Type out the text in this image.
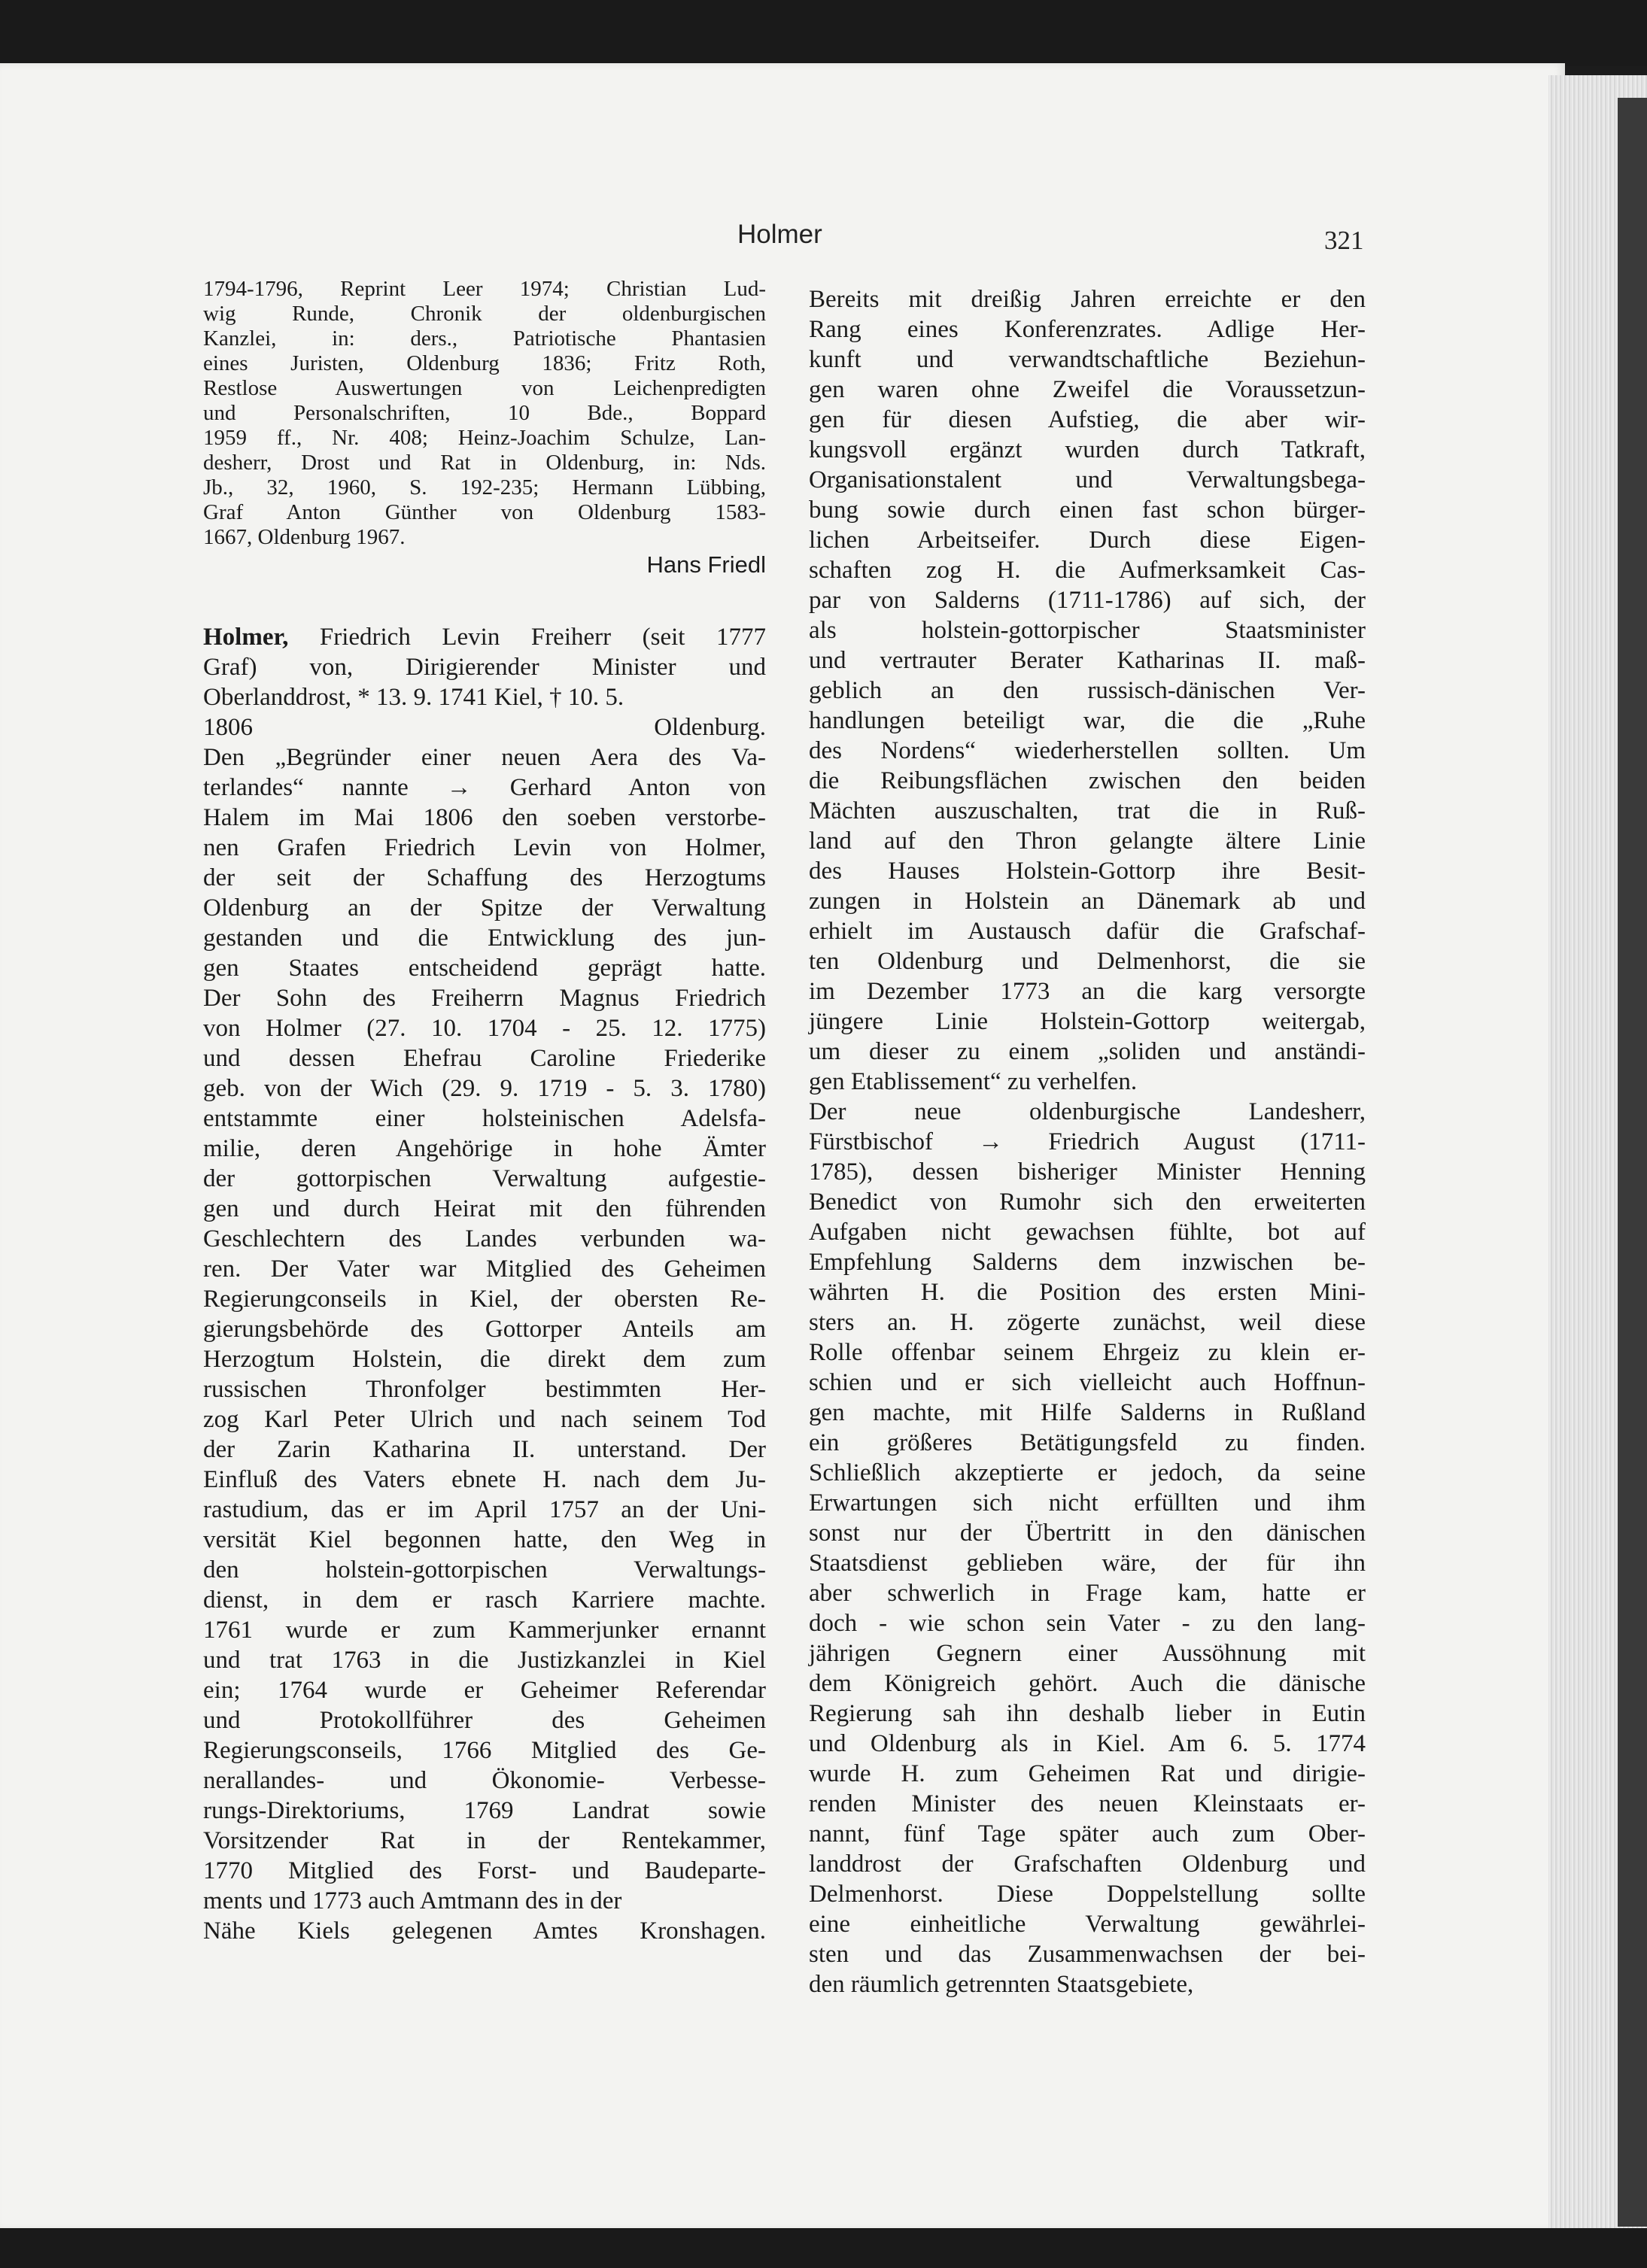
Holmer	321
1794-1796, Reprint Leer 1974; Christian Lud-
wig Runde, Chronik der oldenburgischen
Kanzlei, in: ders., Patriotische Phantasien
eines Juristen, Oldenburg 1836; Fritz Roth,
Restlose Auswertungen von Leichenpredigten
und Personalschriften, 10 Bde., Boppard
1959 ff., Nr. 408; Heinz-Joachim Schulze, Lan-
desherr, Drost und Rat in Oldenburg, in: Nds.
Jb., 32, 1960, S. 192-235; Hermann Lübbing,
Graf Anton Günther von Oldenburg 1583-
1667, Oldenburg 1967.
Hans Friedl
Holmer, Friedrich Levin Freiherr (seit 1777
Graf) von, Dirigierender Minister und
Oberlanddrost, * 13. 9. 1741 Kiel, † 10. 5.
1806 Oldenburg.
Den „Begründer einer neuen Aera des Va-
terlandes“ nannte → Gerhard Anton von
Halem im Mai 1806 den soeben verstorbe-
nen Grafen Friedrich Levin von Holmer,
der seit der Schaffung des Herzogtums
Oldenburg an der Spitze der Verwaltung
gestanden und die Entwicklung des jun-
gen Staates entscheidend geprägt hatte.
Der Sohn des Freiherrn Magnus Friedrich
von Holmer (27. 10. 1704 - 25. 12. 1775)
und dessen Ehefrau Caroline Friederike
geb. von der Wich (29. 9. 1719 - 5. 3. 1780)
entstammte einer holsteinischen Adelsfa-
milie, deren Angehörige in hohe Ämter
der gottorpischen Verwaltung aufgestie-
gen und durch Heirat mit den führenden
Geschlechtern des Landes verbunden wa-
ren. Der Vater war Mitglied des Geheimen
Regierungconseils in Kiel, der obersten Re-
gierungsbehörde des Gottorper Anteils am
Herzogtum Holstein, die direkt dem zum
russischen Thronfolger bestimmten Her-
zog Karl Peter Ulrich und nach seinem Tod
der Zarin Katharina II. unterstand. Der
Einfluß des Vaters ebnete H. nach dem Ju-
rastudium, das er im April 1757 an der Uni-
versität Kiel begonnen hatte, den Weg in
den holstein-gottorpischen Verwaltungs-
dienst, in dem er rasch Karriere machte.
1761 wurde er zum Kammerjunker ernannt
und trat 1763 in die Justizkanzlei in Kiel
ein; 1764 wurde er Geheimer Referendar
und Protokollführer des Geheimen
Regierungsconseils, 1766 Mitglied des Ge-
nerallandes- und Ökonomie- Verbesse-
rungs-Direktoriums, 1769 Landrat sowie
Vorsitzender Rat in der Rentekammer,
1770 Mitglied des Forst- und Baudeparte-
ments und 1773 auch Amtmann des in der
Nähe Kiels gelegenen Amtes Kronshagen.
Bereits mit dreißig Jahren erreichte er den
Rang eines Konferenzrates. Adlige Her-
kunft und verwandtschaftliche Beziehun-
gen waren ohne Zweifel die Voraussetzun-
gen für diesen Aufstieg, die aber wir-
kungsvoll ergänzt wurden durch Tatkraft,
Organisationstalent und Verwaltungsbega-
bung sowie durch einen fast schon bürger-
lichen Arbeitseifer. Durch diese Eigen-
schaften zog H. die Aufmerksamkeit Cas-
par von Salderns (1711-1786) auf sich, der
als holstein-gottorpischer Staatsminister
und vertrauter Berater Katharinas II. maß-
geblich an den russisch-dänischen Ver-
handlungen beteiligt war, die die „Ruhe
des Nordens“ wiederherstellen sollten. Um
die Reibungsflächen zwischen den beiden
Mächten auszuschalten, trat die in Ruß-
land auf den Thron gelangte ältere Linie
des Hauses Holstein-Gottorp ihre Besit-
zungen in Holstein an Dänemark ab und
erhielt im Austausch dafür die Grafschaf-
ten Oldenburg und Delmenhorst, die sie
im Dezember 1773 an die karg versorgte
jüngere Linie Holstein-Gottorp weitergab,
um dieser zu einem „soliden und anständi-
gen Etablissement“ zu verhelfen.
Der neue oldenburgische Landesherr,
Fürstbischof → Friedrich August (1711-
1785), dessen bisheriger Minister Henning
Benedict von Rumohr sich den erweiterten
Aufgaben nicht gewachsen fühlte, bot auf
Empfehlung Salderns dem inzwischen be-
währten H. die Position des ersten Mini-
sters an. H. zögerte zunächst, weil diese
Rolle offenbar seinem Ehrgeiz zu klein er-
schien und er sich vielleicht auch Hoffnun-
gen machte, mit Hilfe Salderns in Rußland
ein größeres Betätigungsfeld zu finden.
Schließlich akzeptierte er jedoch, da seine
Erwartungen sich nicht erfüllten und ihm
sonst nur der Übertritt in den dänischen
Staatsdienst geblieben wäre, der für ihn
aber schwerlich in Frage kam, hatte er
doch - wie schon sein Vater - zu den lang-
jährigen Gegnern einer Aussöhnung mit
dem Königreich gehört. Auch die dänische
Regierung sah ihn deshalb lieber in Eutin
und Oldenburg als in Kiel. Am 6. 5. 1774
wurde H. zum Geheimen Rat und dirigie-
renden Minister des neuen Kleinstaats er-
nannt, fünf Tage später auch zum Ober-
landdrost der Grafschaften Oldenburg und
Delmenhorst. Diese Doppelstellung sollte
eine einheitliche Verwaltung gewährlei-
sten und das Zusammenwachsen der bei-
den räumlich getrennten Staatsgebiete,
